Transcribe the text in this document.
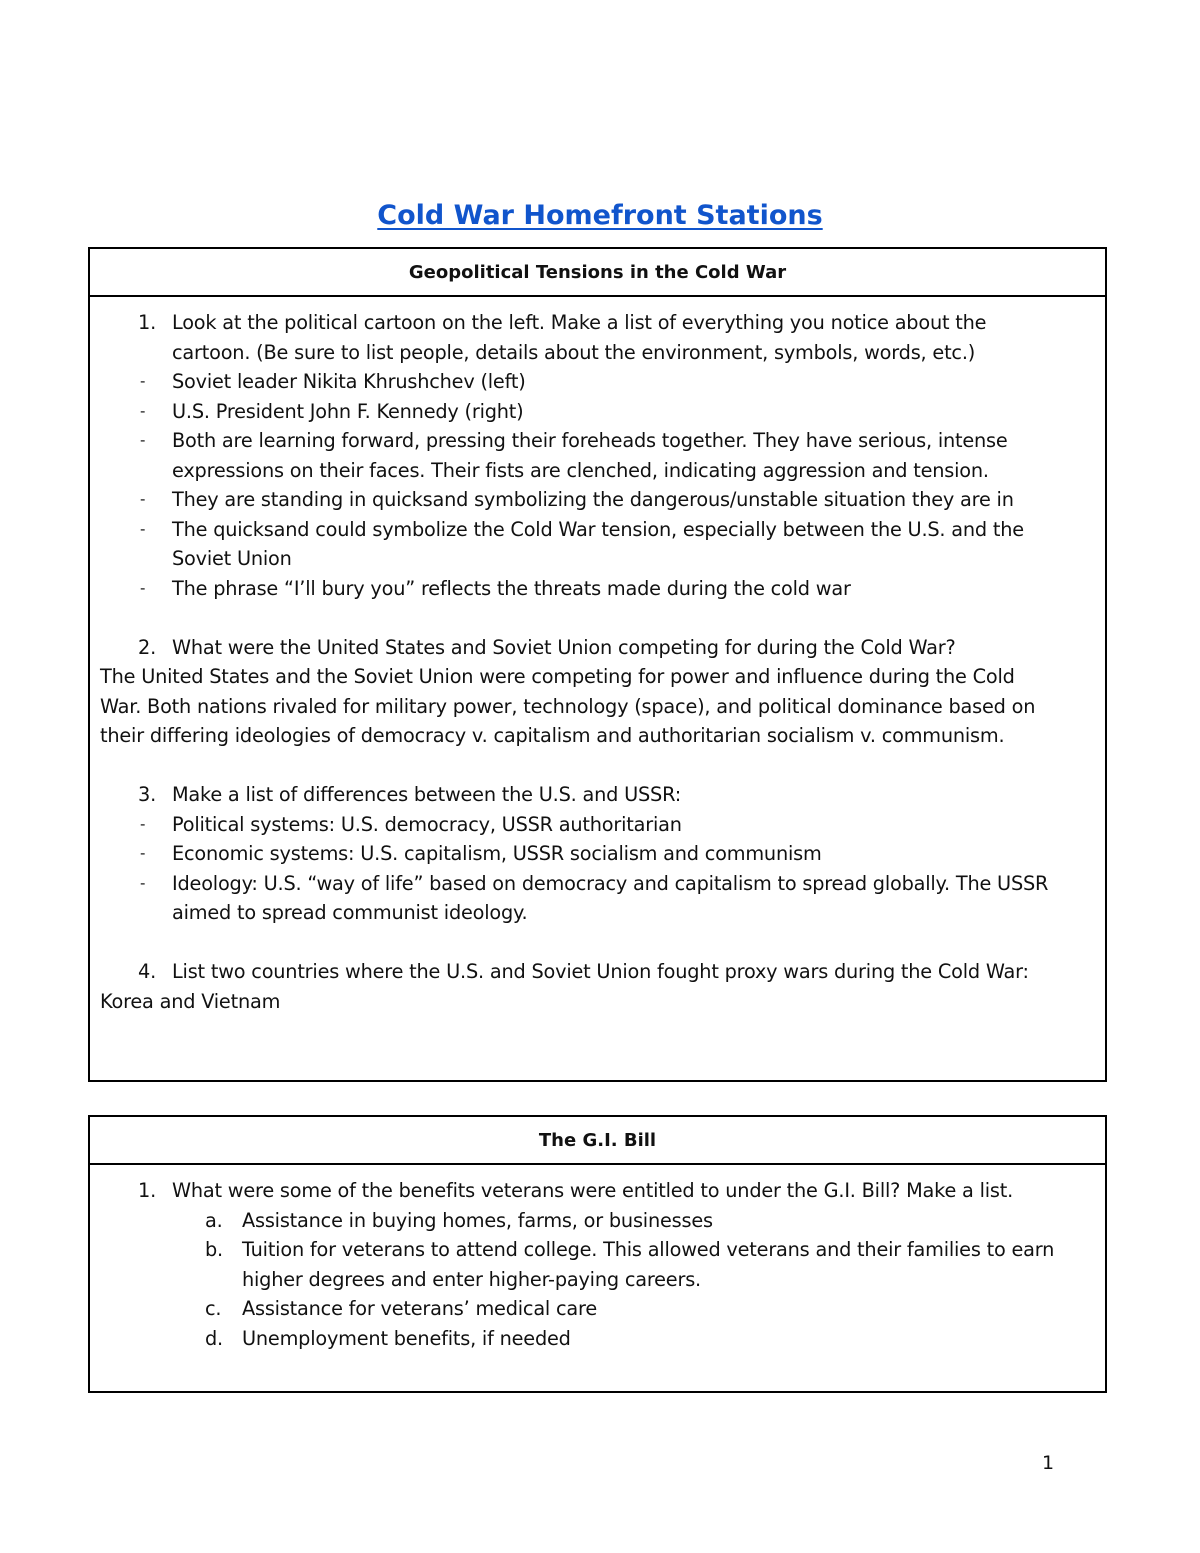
Cold War Homefront Stations
Geopolitical Tensions in the Cold War
1. Look at the political cartoon on the left. Make a list of everything you notice about the
cartoon. (Be sure to list people, details about the environment, symbols, words, etc.)
-	Soviet leader Nikita Khrushchev (left)
-	U.S. President John F. Kennedy (right)
-	Both are learning forward, pressing their foreheads together. They have serious, intense
expressions on their faces. Their fists are clenched, indicating aggression and tension.
-	They are standing in quicksand symbolizing the dangerous/unstable situation they are in
-	The quicksand could symbolize the Cold War tension, especially between the U.S. and the
Soviet Union
-	The phrase “I’ll bury you” reflects the threats made during the cold war
2. What were the United States and Soviet Union competing for during the Cold War?
The United States and the Soviet Union were competing for power and influence during the Cold
War. Both nations rivaled for military power, technology (space), and political dominance based on
their differing ideologies of democracy v. capitalism and authoritarian socialism v. communism.
3. Make a list of differences between the U.S. and USSR:
-	Political systems: U.S. democracy, USSR authoritarian
-	Economic systems: U.S. capitalism, USSR socialism and communism
-	Ideology: U.S. “way of life” based on democracy and capitalism to spread globally. The USSR
aimed to spread communist ideology.
4. List two countries where the U.S. and Soviet Union fought proxy wars during the Cold War:
Korea and Vietnam
The G.I. Bill
1. What were some of the benefits veterans were entitled to under the G.I. Bill? Make a list.
a.	Assistance in buying homes, farms, or businesses
b. Tuition for veterans to attend college. This allowed veterans and their families to earn
higher degrees and enter higher-paying careers.
c.	Assistance for veterans’ medical care
d. Unemployment benefits, if needed
1
